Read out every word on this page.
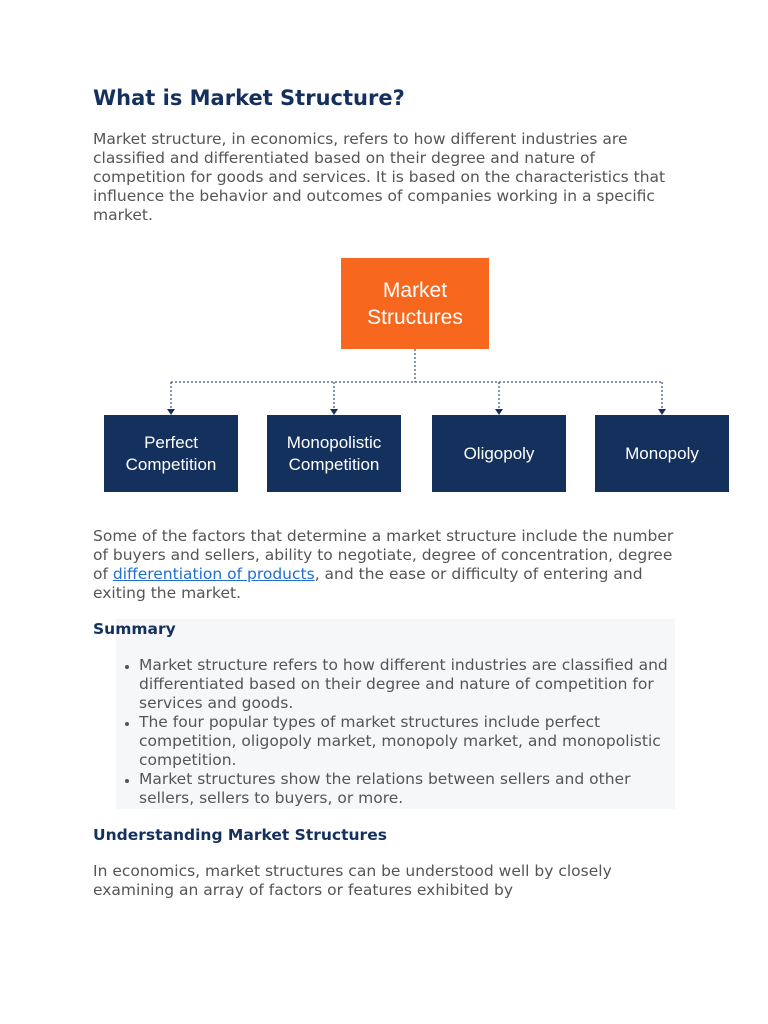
What is Market Structure?

Market structure, in economics, refers to how different industries are classified and differentiated based on their degree and nature of competition for goods and services. It is based on the characteristics that influence the behavior and outcomes of companies working in a specific market.

Market
Structures
Perfect
Competition
Monopolistic
Competition
Oligopoly	Monopoly

Some of the factors that determine a market structure include the number of buyers and sellers, ability to negotiate, degree of concentration, degree of differentiation of products, and the ease or difficulty of entering and exiting the market.

Summary
• Market structure refers to how different industries are classified and differentiated based on their degree and nature of competition for services and goods.
• The four popular types of market structures include perfect competition, oligopoly market, monopoly market, and monopolistic competition.
• Market structures show the relations between sellers and other sellers, sellers to buyers, or more.
Understanding Market Structures

In economics, market structures can be understood well by closely examining an array of factors or features exhibited by
